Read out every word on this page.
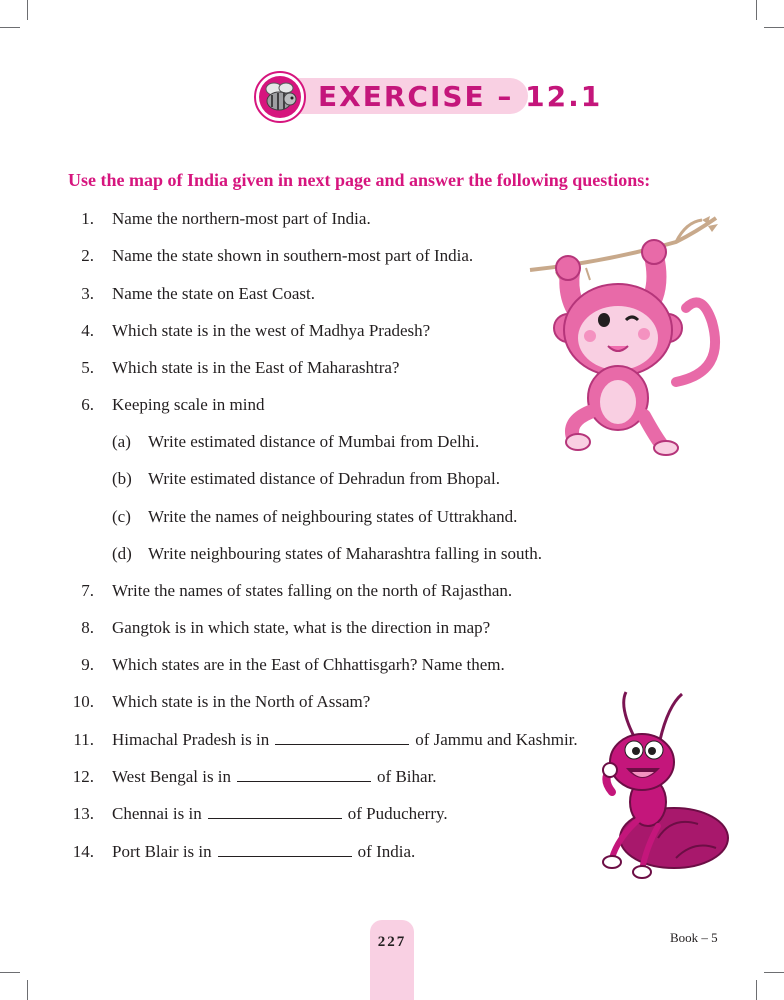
EXERCISE – 12.1
Use the map of India given in next page and answer the following questions:
1. Name the northern-most part of India.
2. Name the state shown in southern-most part of India.
3. Name the state on East Coast.
4. Which state is in the west of Madhya Pradesh?
5. Which state is in the East of Maharashtra?
6. Keeping scale in mind
(a) Write estimated distance of Mumbai from Delhi.
(b) Write estimated distance of Dehradun from Bhopal.
(c) Write the names of neighbouring states of Uttrakhand.
(d) Write neighbouring states of Maharashtra falling in south.
7. Write the names of states falling on the north of Rajasthan.
8. Gangtok is in which state, what is the direction in map?
9. Which states are in the East of Chhattisgarh? Name them.
10. Which state is in the North of Assam?
11. Himachal Pradesh is in	of Jammu and Kashmir.
12. West Bengal is in	of Bihar.
13. Chennai is in	of Puducherry.
14. Port Blair is in	of India.
227	Book – 5
